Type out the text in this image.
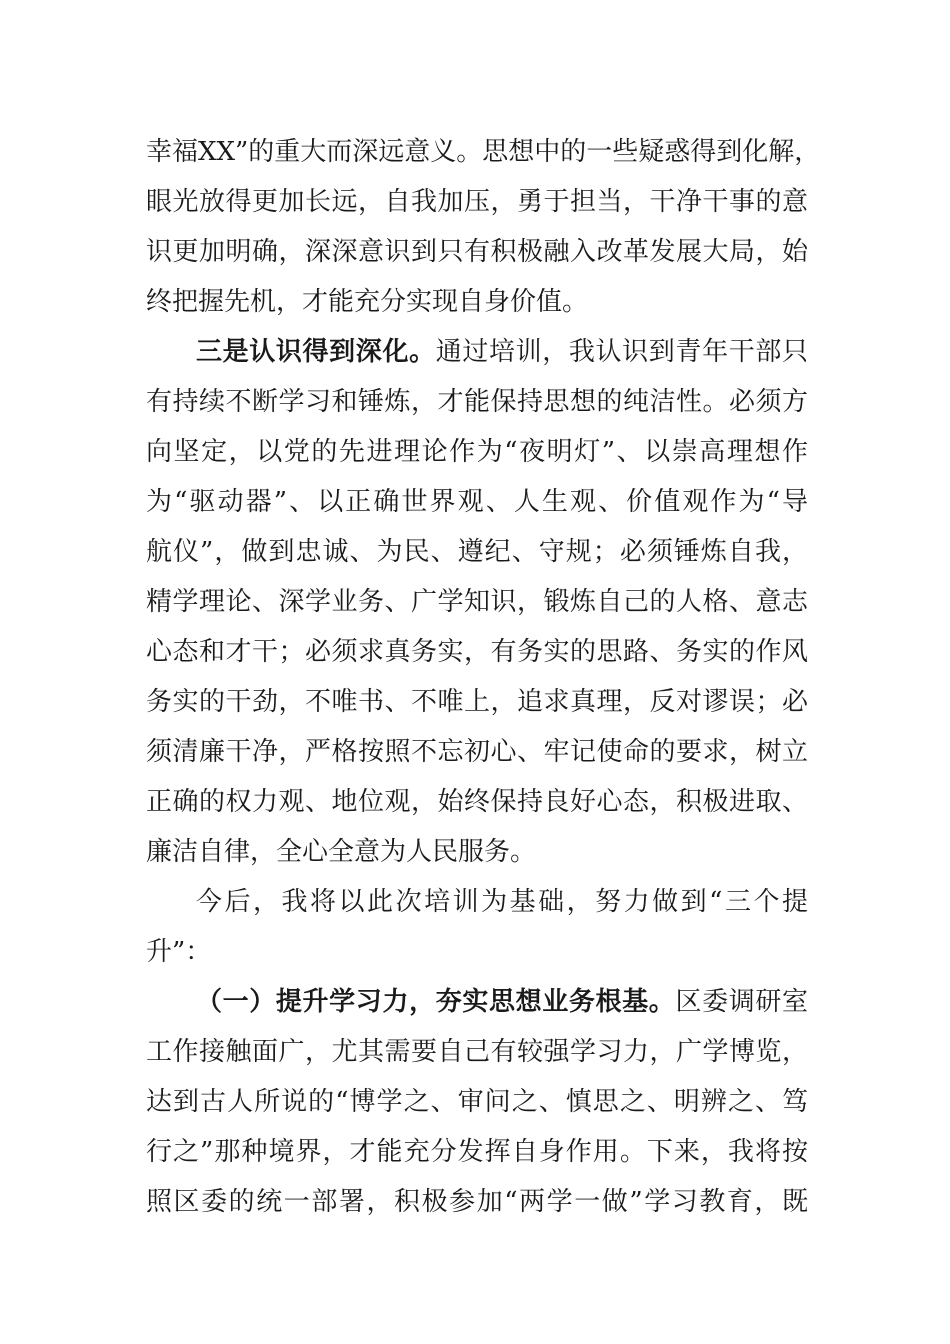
幸福XX”的重大而深远意义。思想中的一些疑惑得到化解，
眼光放得更加长远，自我加压，勇于担当，干净干事的意
识更加明确，深深意识到只有积极融入改革发展大局，始
终把握先机，才能充分实现自身价值。
三是认识得到深化。通过培训，我认识到青年干部只
有持续不断学习和锤炼，才能保持思想的纯洁性。必须方
向坚定，以党的先进理论作为“夜明灯”、以崇高理想作
为“驱动器”、以正确世界观、人生观、价值观作为“导
航仪”，做到忠诚、为民、遵纪、守规；必须锤炼自我，
精学理论、深学业务、广学知识，锻炼自己的人格、意志
心态和才干；必须求真务实，有务实的思路、务实的作风
务实的干劲，不唯书、不唯上，追求真理，反对谬误；必
须清廉干净，严格按照不忘初心、牢记使命的要求，树立
正确的权力观、地位观，始终保持良好心态，积极进取、
廉洁自律，全心全意为人民服务。
今后，我将以此次培训为基础，努力做到“三个提
升”：
（一）提升学习力，夯实思想业务根基。区委调研室
工作接触面广，尤其需要自己有较强学习力，广学博览，
达到古人所说的“博学之、审问之、慎思之、明辨之、笃
行之”那种境界，才能充分发挥自身作用。下来，我将按
照区委的统一部署，积极参加“两学一做”学习教育，既
